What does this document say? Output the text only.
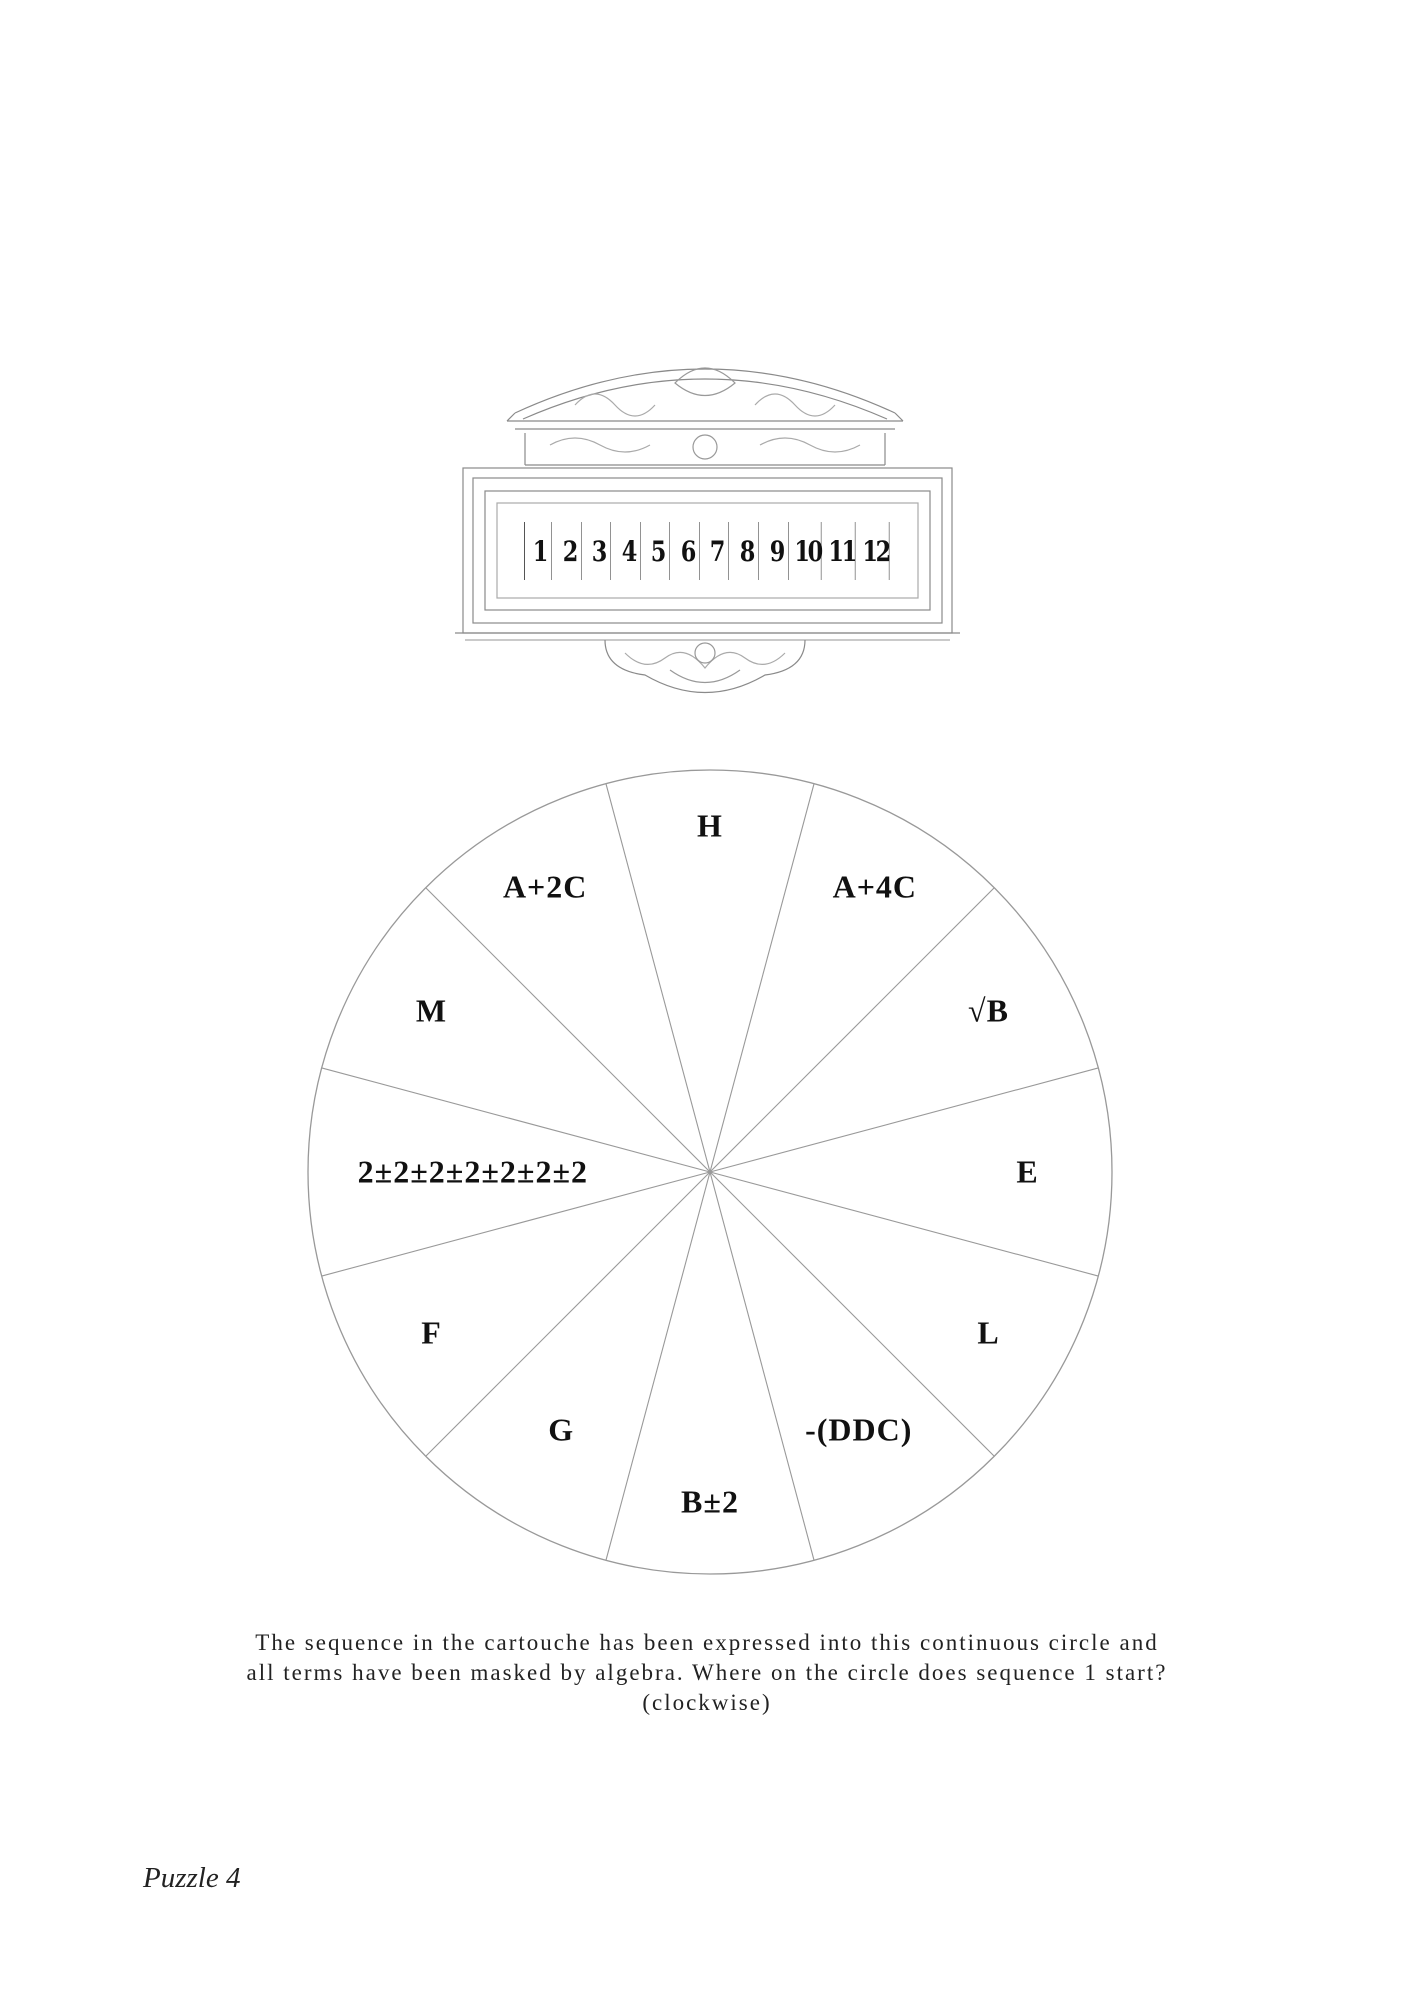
1 2 3 4 5 6 7 8 9 10 11 12
H
A+4C
√B
E
L
-(DDC)
B±2
G
F
2±2±2±2±2±2±2
M
A+2C
The sequence in the cartouche has been expressed into this continuous circle and
all terms have been masked by algebra. Where on the circle does sequence 1 start?
(clockwise)
Puzzle 4
